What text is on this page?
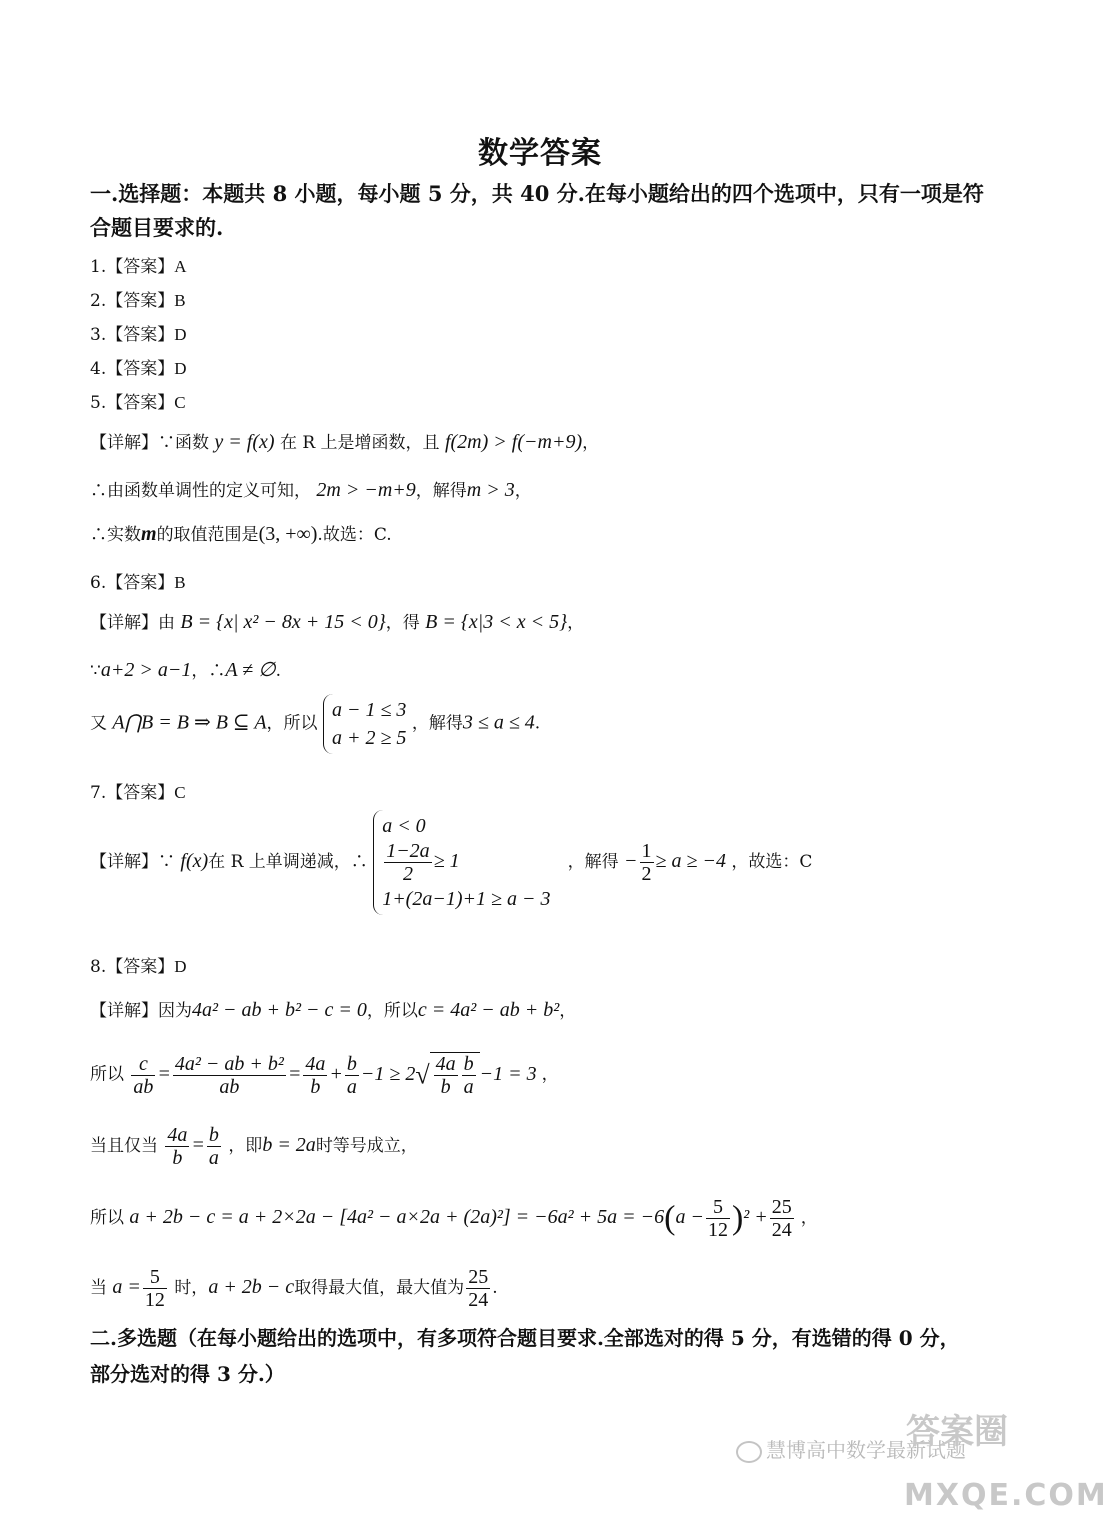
数学答案
一.选择题：本题共 8 小题，每小题 5 分，共 40 分.在每小题给出的四个选项中，只有一项是符
合题目要求的.
1.【答案】A
2.【答案】B
3.【答案】D
4.【答案】D
5.【答案】C
【详解】∵函数 y = f(x) 在 R 上是增函数，且 f(2m) > f(−m+9)，
∴由函数单调性的定义可知， 2m > −m+9，解得m > 3，
∴实数m的取值范围是(3, +∞).故选：C.
6.【答案】B
【详解】由 B = {x| x² − 8x + 15 < 0}，得 B = {x|3 < x < 5}，
∵a+2 > a−1，∴A ≠ ∅.
又 A⋂B = B ⇒ B ⊆ A，所以
a − 1 ≤ 3
a + 2 ≥ 5
，解得3 ≤ a ≤ 4.
7.【答案】C
【详解】∵ f(x)在 R 上单调递减，∴
a < 0
$\frac{1-2a}{2} \ge 1$
1+(2a−1)+1 ≥ a − 3
，解得 − $\frac{1}{2} \ge a \ge -4$ ，故选：C
8.【答案】D
【详解】因为4a² − ab + b² − c = 0，所以c = 4a² − ab + b²，
所以 $\frac{c}{ab} = \frac{\text{4a² − ab + b²}}{ab} = \frac{4a}{b} + \frac{b}{a} -1 \ge 2√ \frac{4a}{b} \frac{b}{a} -1 = 3$ ，
当且仅当 $\frac{4a}{b} = \frac{b}{a}$ ，即b = 2a时等号成立，
所以 $a + 2b - c = a + 2\times 2a - [4a^2 - a\times 2a + (2a)^2] = -6a^2 + 5a = -6(a - \frac{5}{12} )^2 + \frac{25}{24}$ ，
当 $a = \frac{5}{12}$ 时，a + 2b − c取得最大值，最大值为 $\frac{25}{24}$ .
二.多选题（在每小题给出的选项中，有多项符合题目要求.全部选对的得 5 分，有选错的得 0 分，
部分选对的得 3 分.）
慧博高中数学最新试题
答案圈
MXQE.COM
